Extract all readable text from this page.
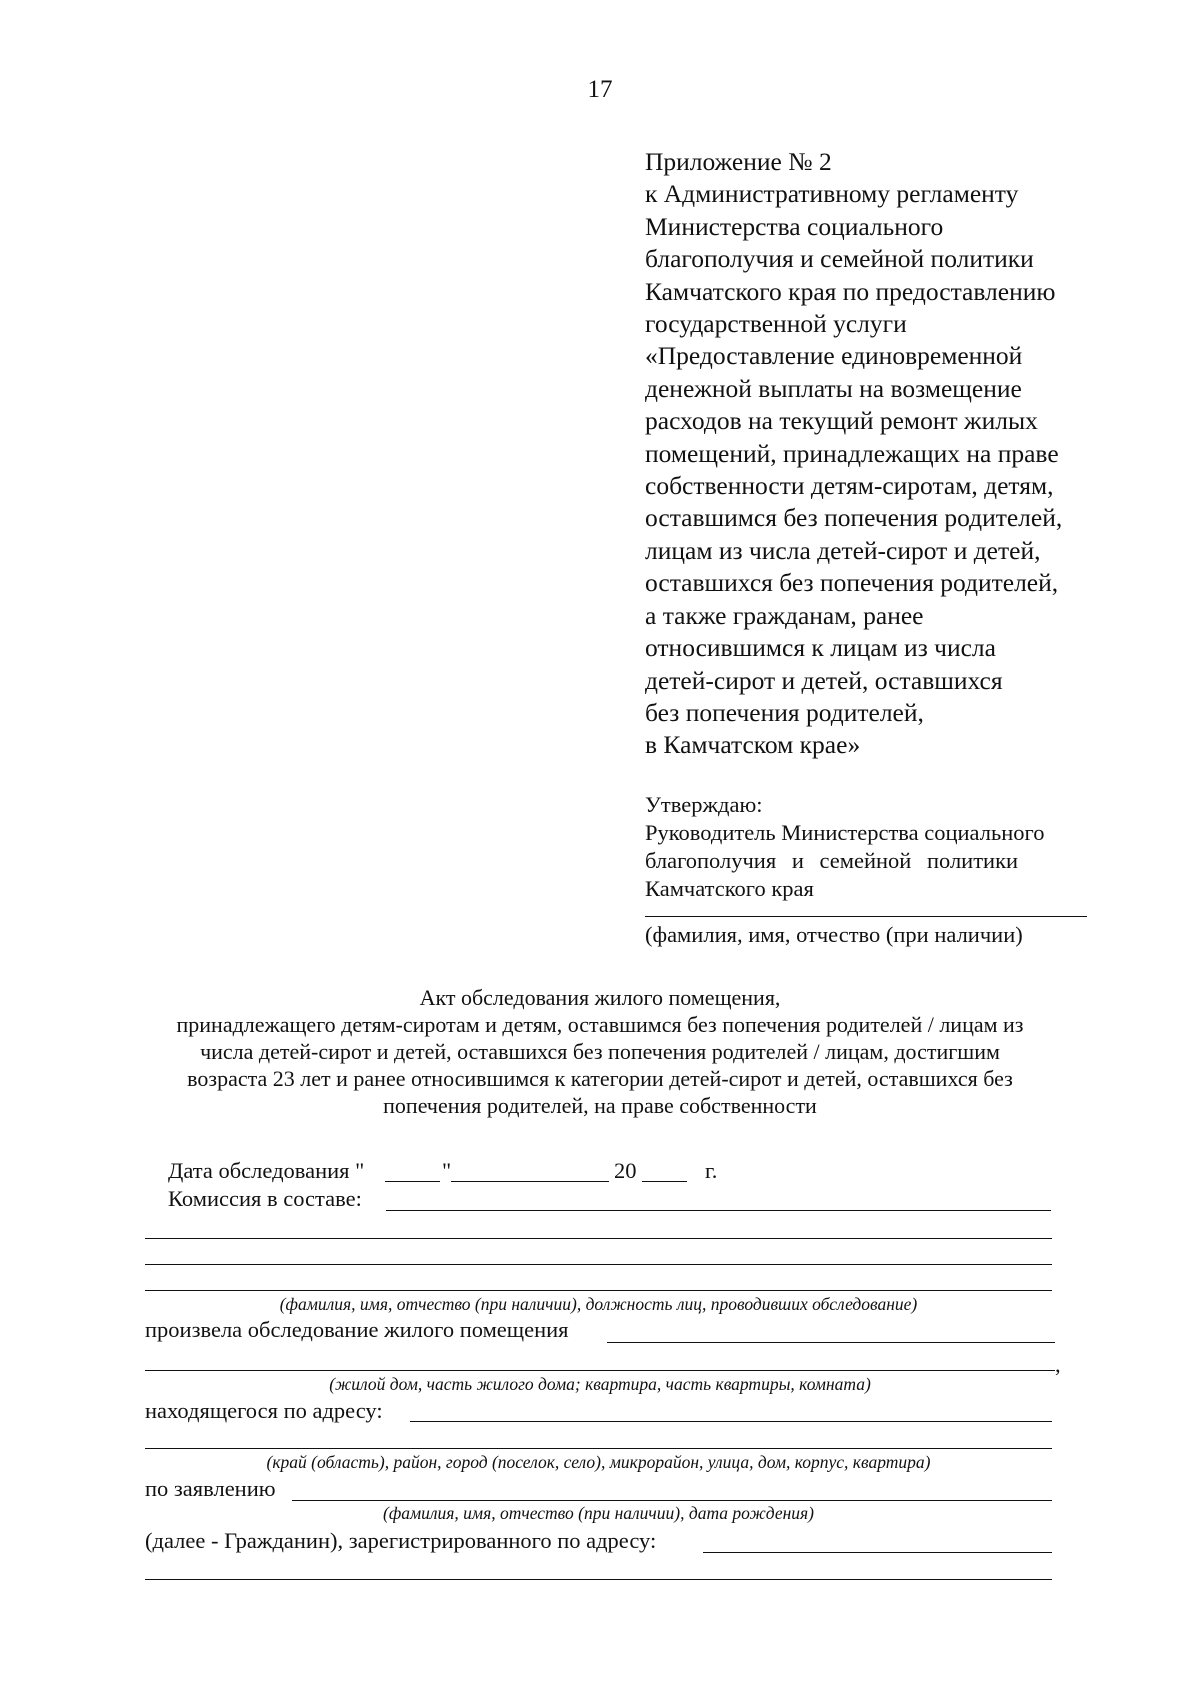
17
Приложение № 2
к Административному регламенту
Министерства социального
благополучия и семейной политики
Камчатского края по предоставлению
государственной услуги
«Предоставление единовременной
денежной выплаты на возмещение
расходов на текущий ремонт жилых
помещений, принадлежащих на праве
собственности детям-сиротам, детям,
оставшимся без попечения родителей,
лицам из числа детей-сирот и детей,
оставшихся без попечения родителей,
а также гражданам, ранее
относившимся к лицам из числа
детей-сирот и детей, оставшихся
без попечения родителей,
в Камчатском крае»
Утверждаю:
Руководитель Министерства социального
благополучия и семейной политики
Камчатского края
(фамилия, имя, отчество (при наличии)
Акт обследования жилого помещения,
принадлежащего детям-сиротам и детям, оставшимся без попечения родителей / лицам из
числа детей-сирот и детей, оставшихся без попечения родителей / лицам, достигшим
возраста 23 лет и ранее относившимся к категории детей-сирот и детей, оставшихся без
попечения родителей, на праве собственности
Дата обследования "	"	20	г.
Комиссия в составе:
(фамилия, имя, отчество (при наличии), должность лиц, проводивших обследование)
произвела обследование жилого помещения
,
(жилой дом, часть жилого дома; квартира, часть квартиры, комната)
находящегося по адресу:
(край (область), район, город (поселок, село), микрорайон, улица, дом, корпус, квартира)
по заявлению
(фамилия, имя, отчество (при наличии), дата рождения)
(далее - Гражданин), зарегистрированного по адресу:
